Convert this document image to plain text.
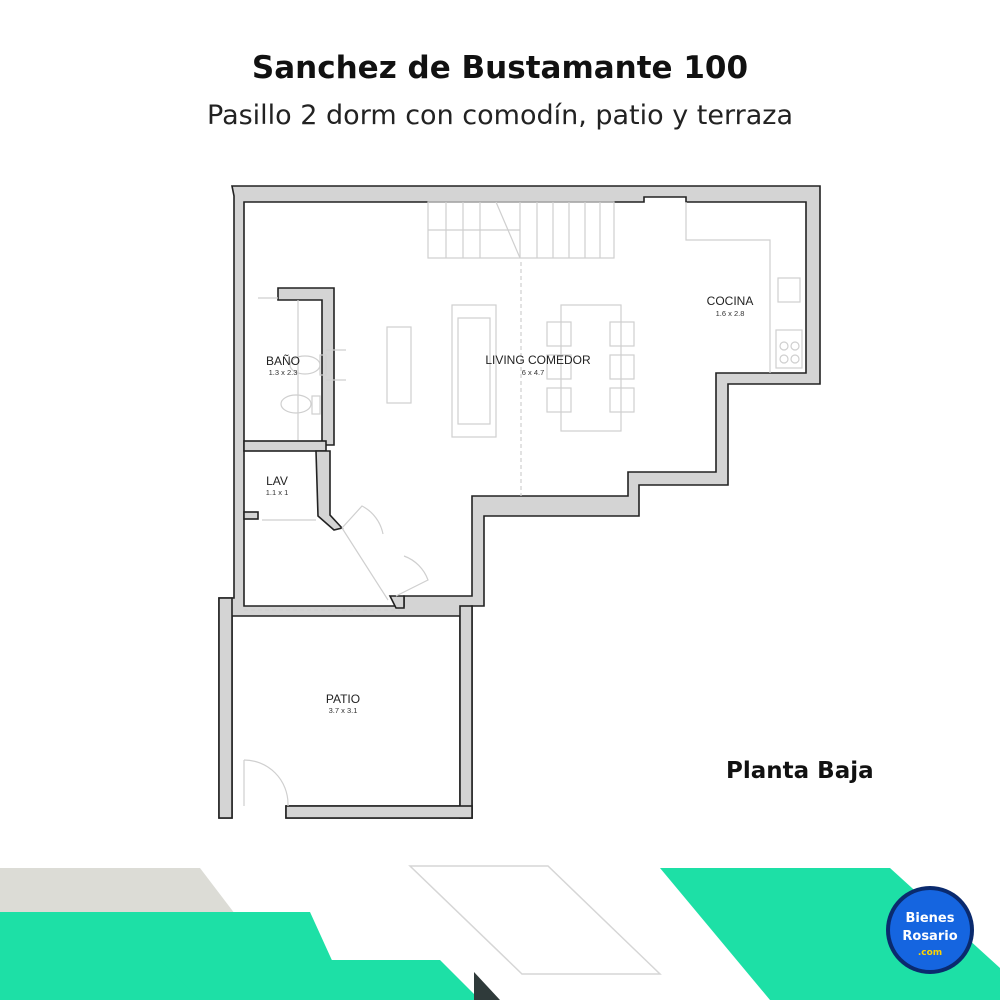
Sanchez de Bustamante 100
Pasillo 2 dorm con comodín, patio y terraza
COCINA
1.6 x 2.8
BAÑO
1.3 x 2.3
LIVING COMEDOR
6 x 4.7
LAV
1.1 x 1
PATIO
3.7 x 3.1
Bienes
Rosario
.com
Planta Baja
